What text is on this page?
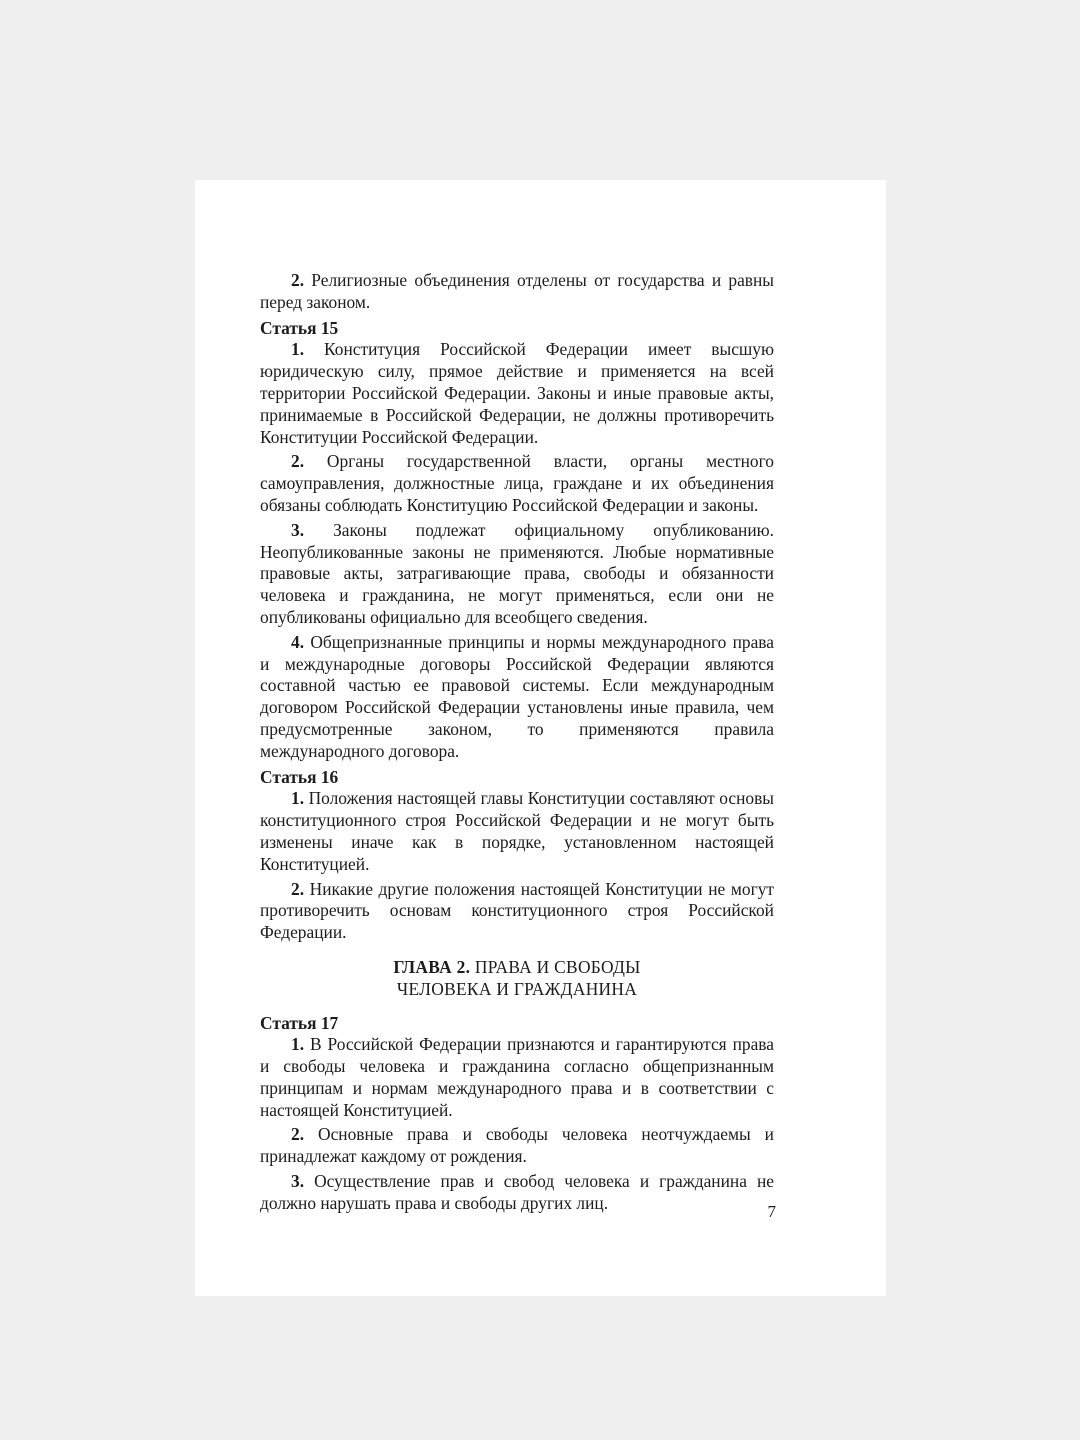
2. Религиозные объединения отделены от государства и равны перед законом.

Статья 15

1. Конституция Российской Федерации имеет высшую юридическую силу, прямое действие и применяется на всей территории Российской Федерации. Законы и иные правовые акты, принимаемые в Российской Федерации, не должны противоречить Конституции Российской Федерации.

2. Органы государственной власти, органы местного самоуправления, должностные лица, граждане и их объединения обязаны соблюдать Конституцию Российской Федерации и законы.

3. Законы подлежат официальному опубликованию. Неопубликованные законы не применяются. Любые нормативные правовые акты, затрагивающие права, свободы и обязанности человека и гражданина, не могут применяться, если они не опубликованы официально для всеобщего сведения.

4. Общепризнанные принципы и нормы международного права и международные договоры Российской Федерации являются составной частью ее правовой системы. Если международным договором Российской Федерации установлены иные правила, чем предусмотренные законом, то применяются правила международного договора.

Статья 16

1. Положения настоящей главы Конституции составляют основы конституционного строя Российской Федерации и не могут быть изменены иначе как в порядке, установленном настоящей Конституцией.

2. Никакие другие положения настоящей Конституции не могут противоречить основам конституционного строя Российской Федерации.

ГЛАВА 2. ПРАВА И СВОБОДЫ
ЧЕЛОВЕКА И ГРАЖДАНИНА

Статья 17

1. В Российской Федерации признаются и гарантируются права и свободы человека и гражданина согласно общепризнанным принципам и нормам международного права и в соответствии с настоящей Конституцией.

2. Основные права и свободы человека неотчуждаемы и принадлежат каждому от рождения.

3. Осуществление прав и свобод человека и гражданина не должно нарушать права и свободы других лиц.	7
